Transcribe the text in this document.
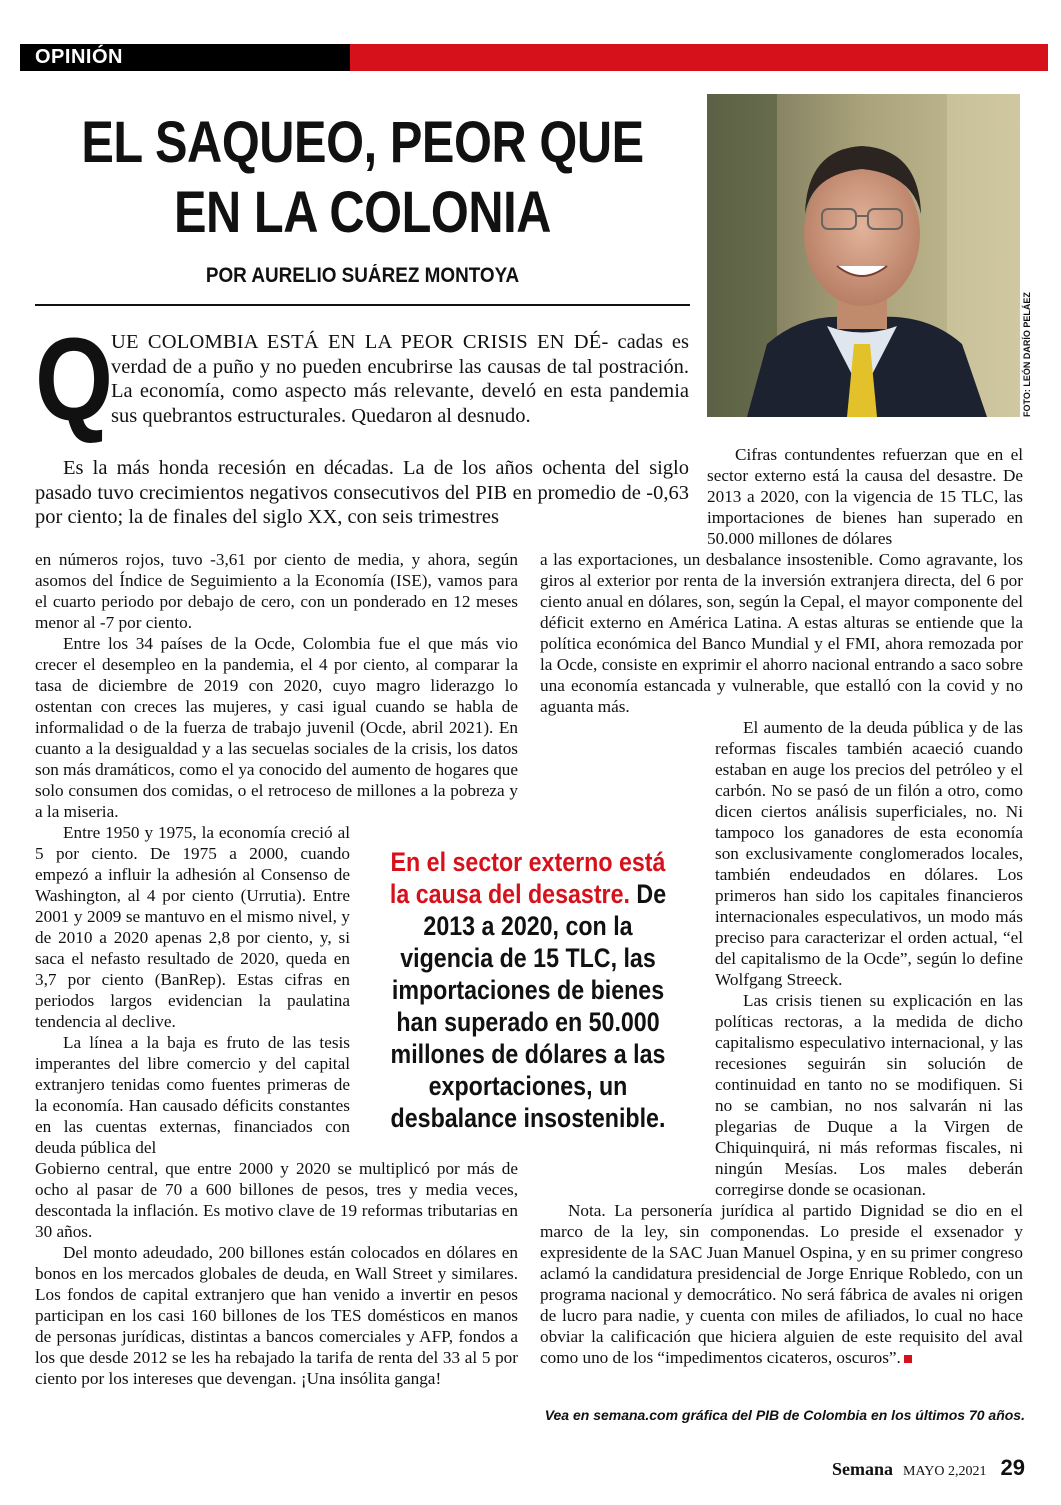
OPINIÓN
EL SAQUEO, PEOR QUE
EN LA COLONIA
POR AURELIO SUÁREZ MONTOYA
FOTO: LEÓN DARÍO PELÁEZ
Q
UE COLOMBIA ESTÁ EN LA PEOR CRISIS EN DÉ- cadas es verdad de a puño y no pueden encubrirse las causas de tal postración. La economía, como aspecto más relevante, develó en esta pandemia sus quebrantos estructurales. Quedaron al desnudo.
Es la más honda recesión en décadas. La de los años ochenta del siglo pasado tuvo crecimientos negativos consecutivos del PIB en promedio de -0,63 por ciento; la de finales del siglo XX, con seis trimestres

Cifras contundentes refuerzan que en el sector externo está la causa del desastre. De 2013 a 2020, con la vigencia de 15 TLC, las importaciones de bienes han superado en 50.000 millones de dólares

en números rojos, tuvo -3,61 por ciento de media, y ahora, según asomos del Índice de Seguimiento a la Economía (ISE), vamos para el cuarto periodo por debajo de cero, con un ponderado en 12 meses menor al -7 por ciento.

Entre los 34 países de la Ocde, Colombia fue el que más vio crecer el desempleo en la pandemia, el 4 por ciento, al comparar la tasa de diciembre de 2019 con 2020, cuyo magro liderazgo lo ostentan con creces las mujeres, y casi igual cuando se habla de informalidad o de la fuerza de trabajo juvenil (Ocde, abril 2021). En cuanto a la desigualdad y a las secuelas sociales de la crisis, los datos son más dramáticos, como el ya conocido del aumento de hogares que solo consumen dos comidas, o el retroceso de millones a la pobreza y a la miseria.

Entre 1950 y 1975, la economía creció al 5 por ciento. De 1975 a 2000, cuando empezó a influir la adhesión al Consenso de Washington, al 4 por ciento (Urrutia). Entre 2001 y 2009 se mantuvo en el mismo nivel, y de 2010 a 2020 apenas 2,8 por ciento, y, si saca el nefasto resultado de 2020, queda en 3,7 por ciento (BanRep). Estas cifras en periodos largos evidencian la paulatina tendencia al declive.

La línea a la baja es fruto de las tesis imperantes del libre comercio y del capital extranjero tenidas como fuentes primeras de la economía. Han causado déficits constantes en las cuentas externas, financiados con deuda pública del

Gobierno central, que entre 2000 y 2020 se multiplicó por más de ocho al pasar de 70 a 600 billones de pesos, tres y media veces, descontada la inflación. Es motivo clave de 19 reformas tributarias en 30 años.

Del monto adeudado, 200 billones están colocados en dólares en bonos en los mercados globales de deuda, en Wall Street y similares. Los fondos de capital extranjero que han venido a invertir en pesos participan en los casi 160 billones de los TES domésticos en manos de personas jurídicas, distintas a bancos comerciales y AFP, fondos a los que desde 2012 se les ha rebajado la tarifa de renta del 33 al 5 por ciento por los intereses que devengan. ¡Una insólita ganga!

a las exportaciones, un desbalance insostenible. Como agravante, los giros al exterior por renta de la inversión extranjera directa, del 6 por ciento anual en dólares, son, según la Cepal, el mayor componente del déficit externo en América Latina. A estas alturas se entiende que la política económica del Banco Mundial y el FMI, ahora remozada por la Ocde, consiste en exprimir el ahorro nacional entrando a saco sobre una economía estancada y vulnerable, que estalló con la covid y no aguanta más.

El aumento de la deuda pública y de las reformas fiscales también acaeció cuando estaban en auge los precios del petróleo y el carbón. No se pasó de un filón a otro, como dicen ciertos análisis superficiales, no. Ni tampoco los ganadores de esta economía son exclusivamente conglomerados locales, también endeudados en dólares. Los primeros han sido los capitales financieros internacionales especulativos, un modo más preciso para caracterizar el orden actual, “el del capitalismo de la Ocde”, según lo define Wolfgang Streeck.

Las crisis tienen su explicación en las políticas rectoras, a la medida de dicho capitalismo especulativo internacional, y las recesiones seguirán sin solución de continuidad en tanto no se modifiquen. Si no se cambian, no nos salvarán ni las plegarias de Duque a la Virgen de Chiquinquirá, ni más reformas fiscales, ni ningún Mesías. Los males deberán corregirse donde se ocasionan.

Nota. La personería jurídica al partido Dignidad se dio en el marco de la ley, sin componendas. Lo preside el exsenador y expresidente de la SAC Juan Manuel Ospina, y en su primer congreso aclamó la candidatura presidencial de Jorge Enrique Robledo, con un programa nacional y democrático. No será fábrica de avales ni origen de lucro para nadie, y cuenta con miles de afiliados, lo cual no hace obviar la calificación que hiciera alguien de este requisito del aval como uno de los “impedimentos cicateros, oscuros”.

En el sector externo está la causa del desastre. De 2013 a 2020, con la vigencia de 15 TLC, las importaciones de bienes han superado en 50.000 millones de dólares a las exportaciones, un desbalance insostenible.
Vea en semana.com gráfica del PIB de Colombia en los últimos 70 años.
Semana MAYO 2,2021 29
